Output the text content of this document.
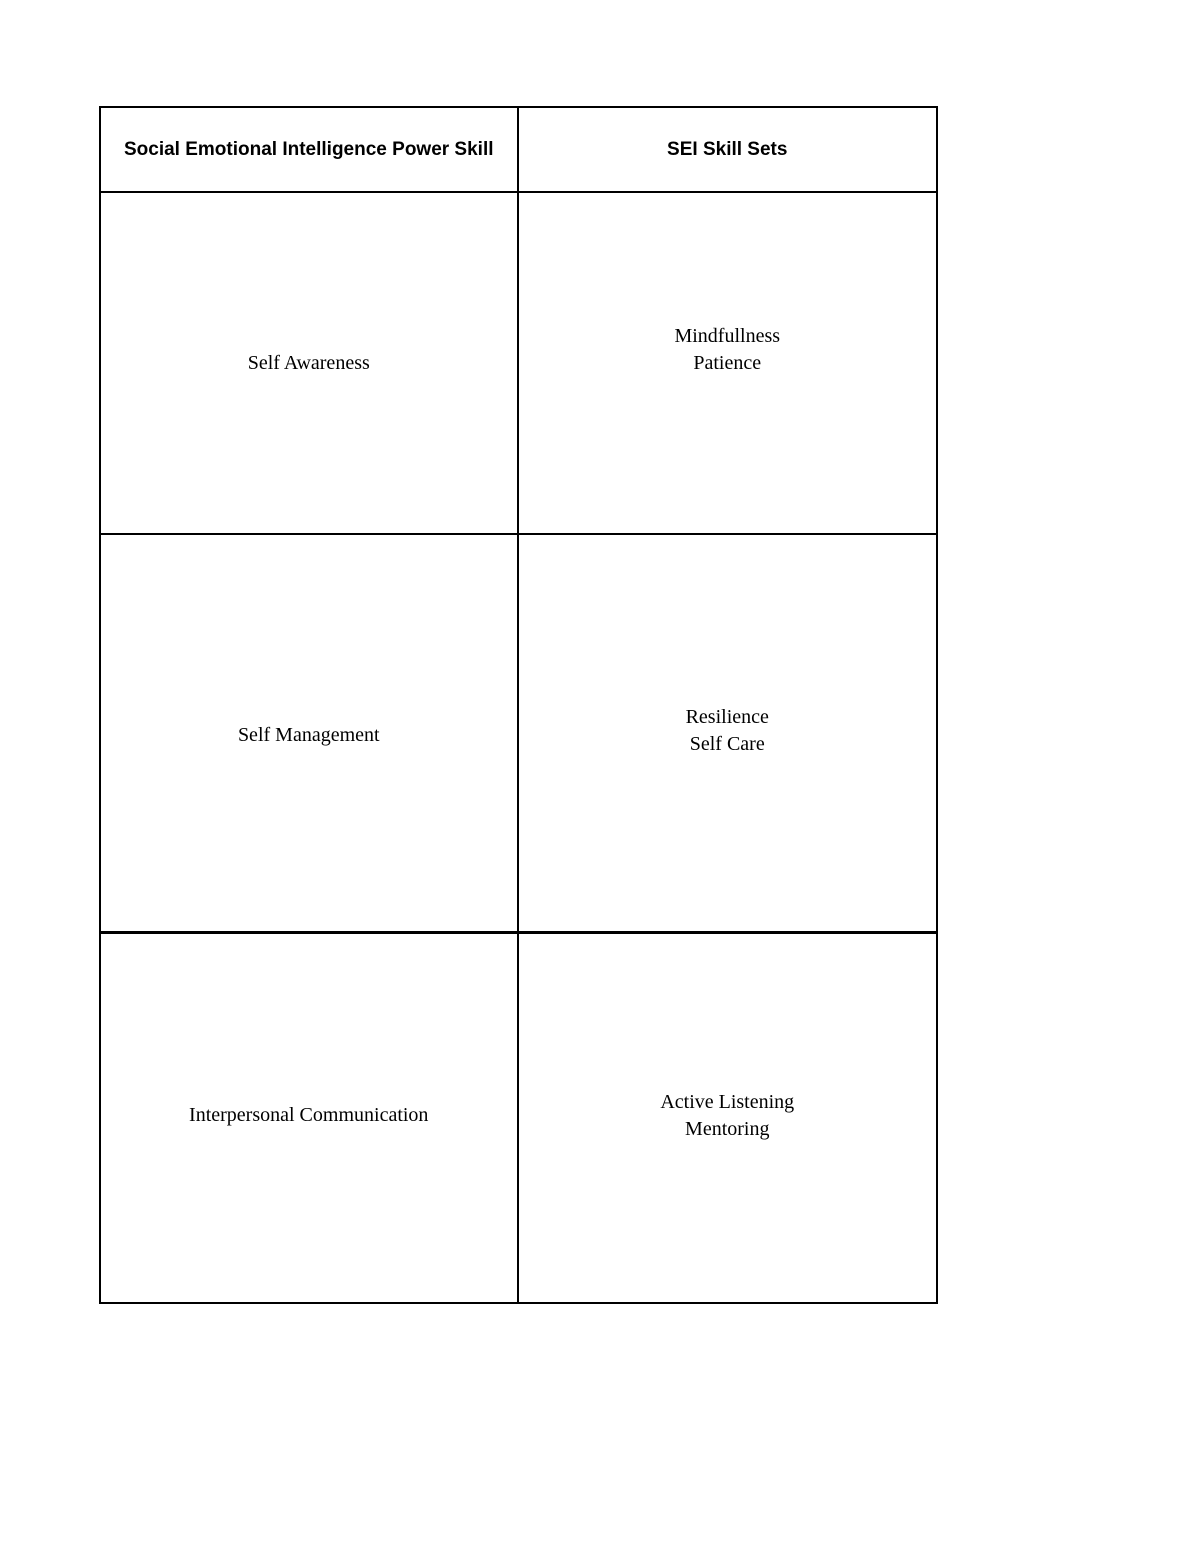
Social Emotional Intelligence Power Skill	SEI Skill Sets
Self Awareness
Mindfullness
Patience
Self Management
Resilience
Self Care
Interpersonal Communication
Active Listening
Mentoring
